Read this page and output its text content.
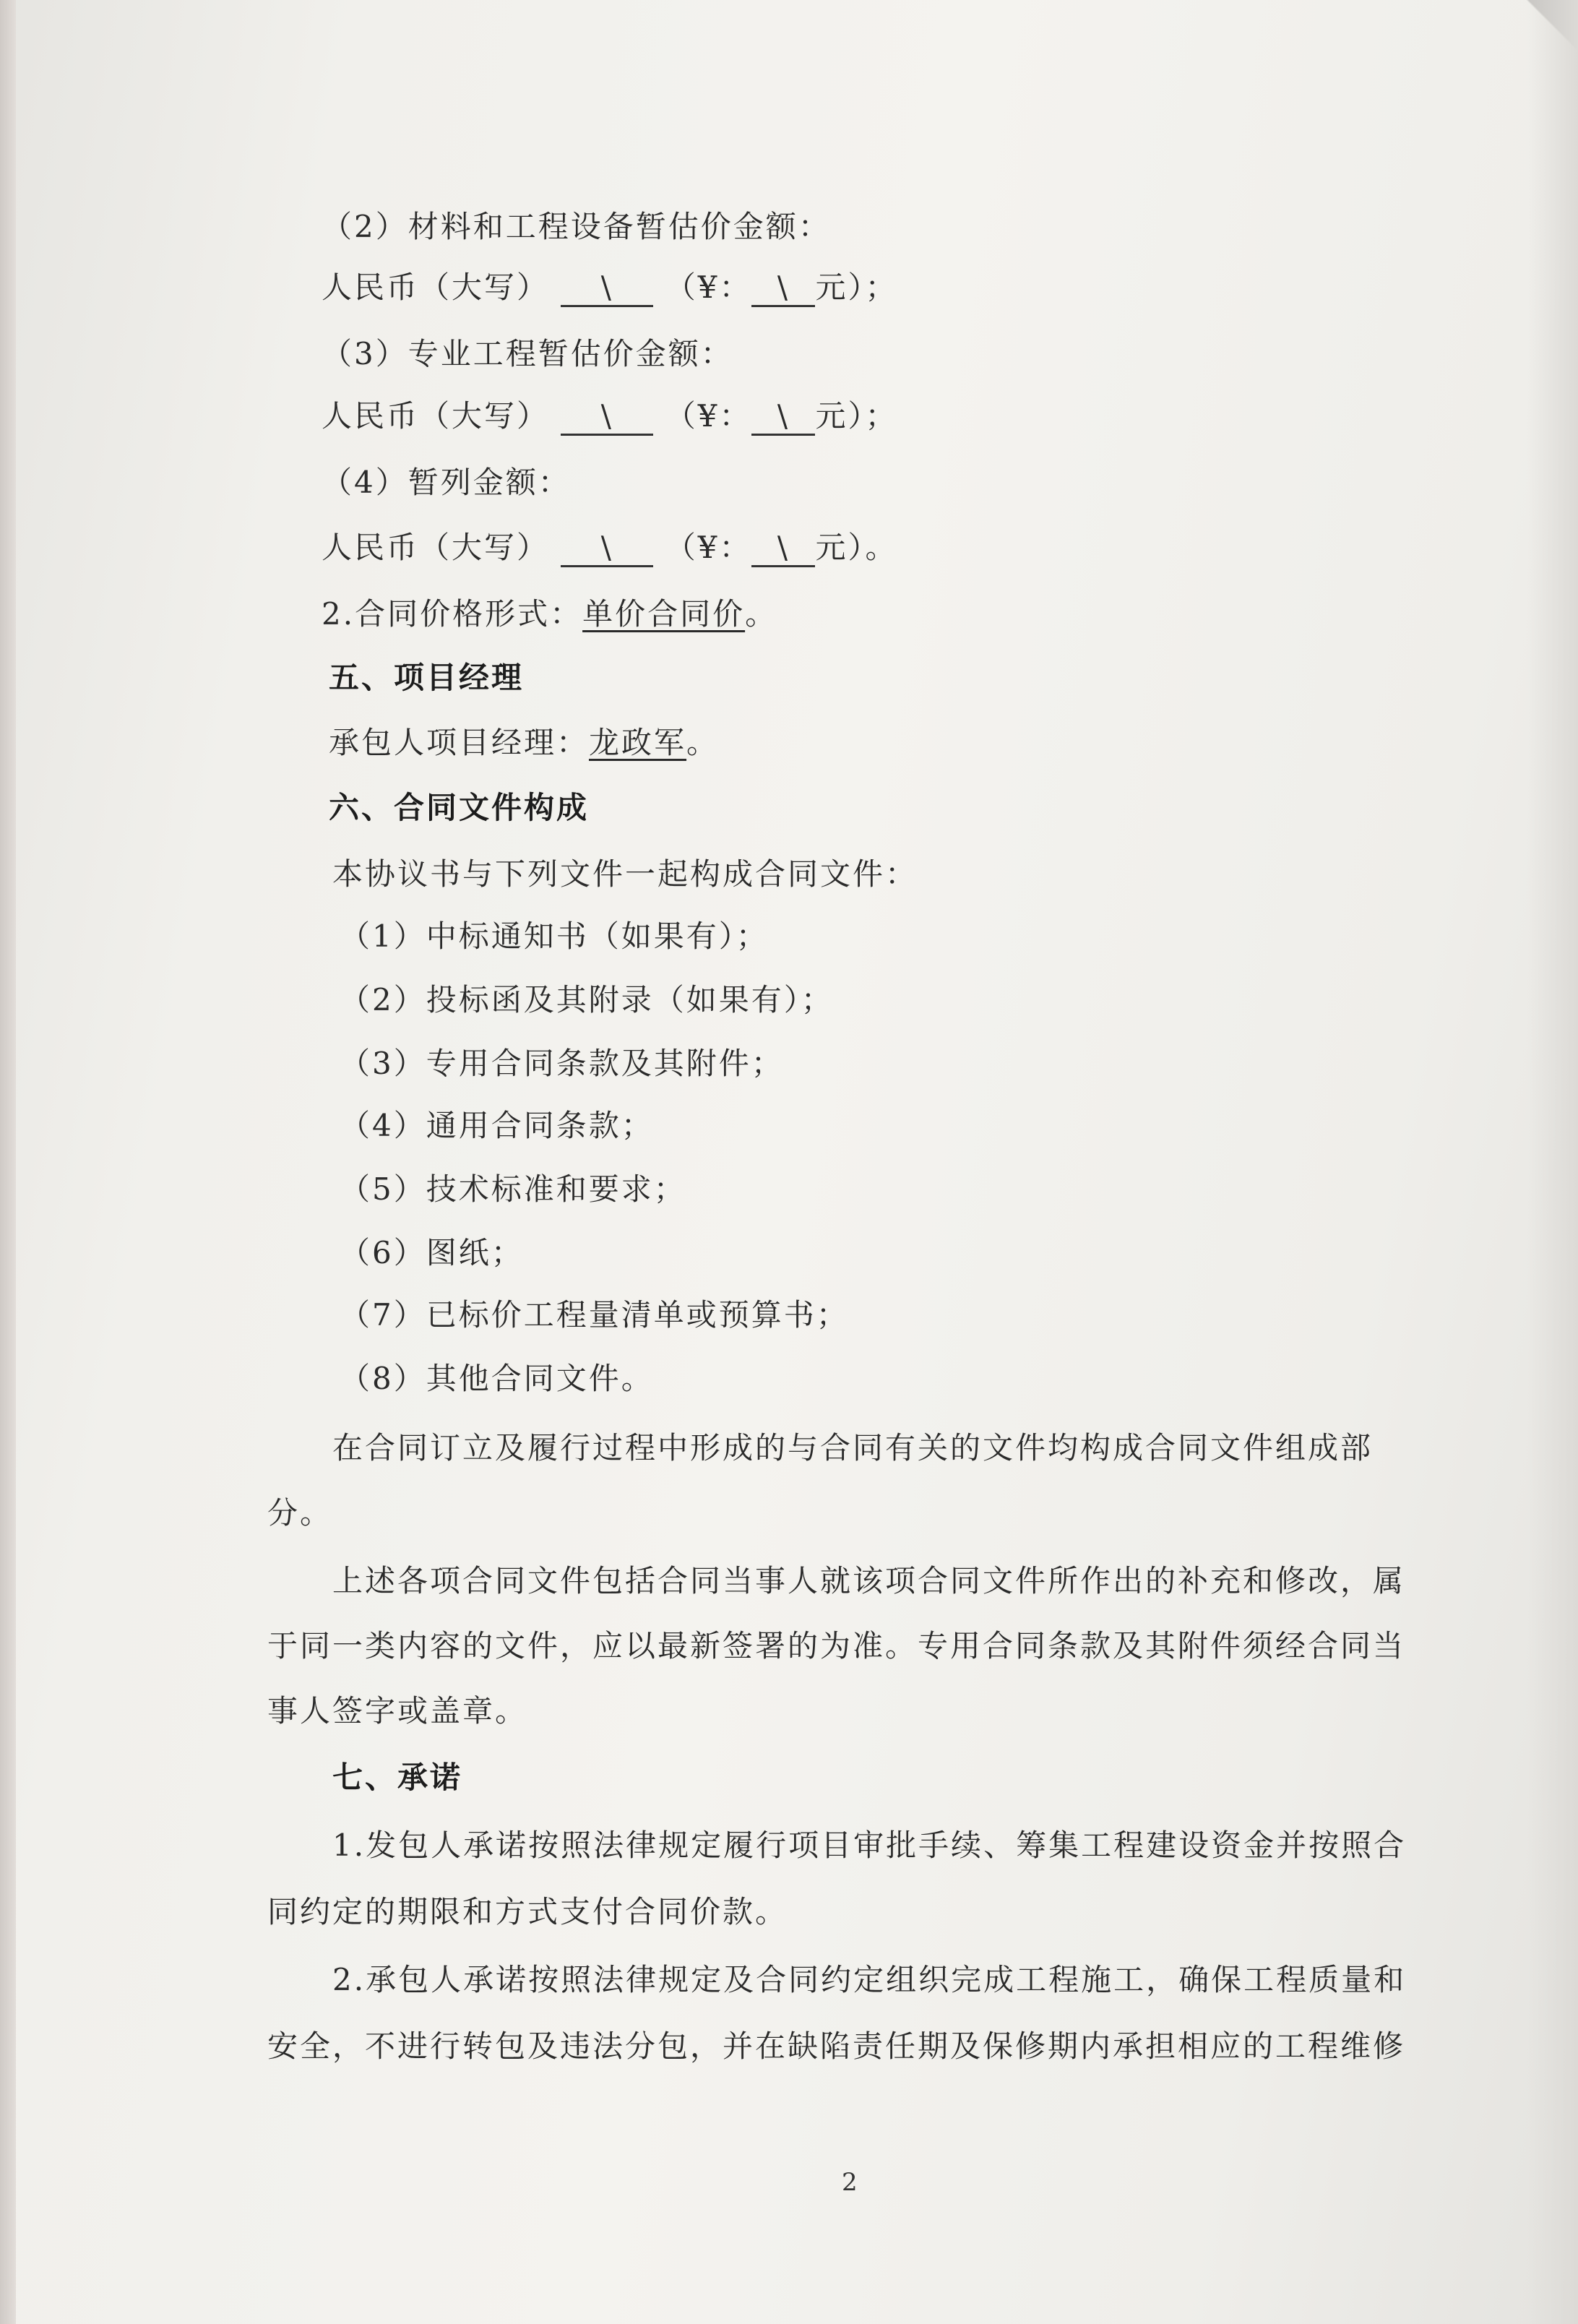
（2）材料和工程设备暂估价金额：
人民币（大写） \ （¥： \ 元）；
（3）专业工程暂估价金额：
人民币（大写） \ （¥： \ 元）；
（4）暂列金额：
人民币（大写） \ （¥： \ 元）。
2.合同价格形式：单价合同价。
五、项目经理
承包人项目经理：龙政军。
六、合同文件构成
本协议书与下列文件一起构成合同文件：
（1）中标通知书（如果有）；
（2）投标函及其附录（如果有）；
（3）专用合同条款及其附件；
（4）通用合同条款；
（5）技术标准和要求；
（6）图纸；
（7）已标价工程量清单或预算书；
（8）其他合同文件。
在合同订立及履行过程中形成的与合同有关的文件均构成合同文件组成部
分。
上述各项合同文件包括合同当事人就该项合同文件所作出的补充和修改，属
于同一类内容的文件，应以最新签署的为准。专用合同条款及其附件须经合同当
事人签字或盖章。
七、承诺
1.发包人承诺按照法律规定履行项目审批手续、筹集工程建设资金并按照合
同约定的期限和方式支付合同价款。
2.承包人承诺按照法律规定及合同约定组织完成工程施工，确保工程质量和
安全，不进行转包及违法分包，并在缺陷责任期及保修期内承担相应的工程维修
2
